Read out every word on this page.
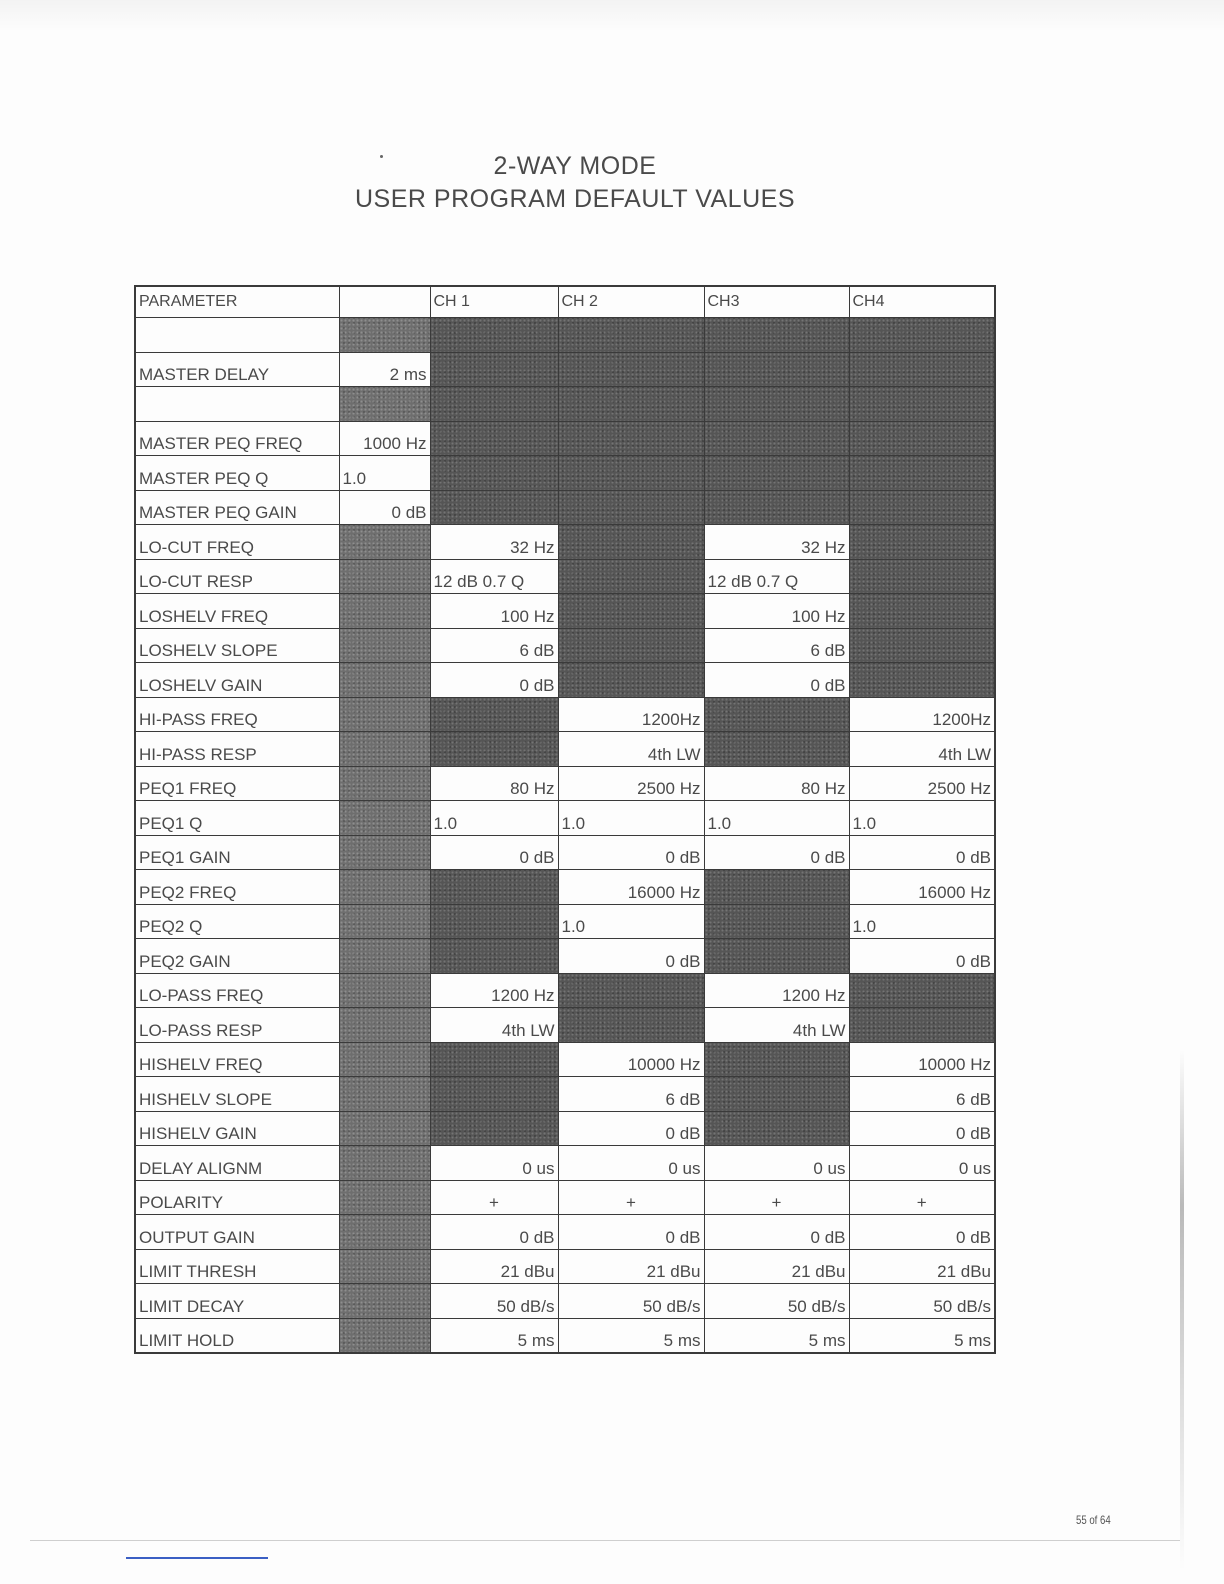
2-WAY MODE
USER PROGRAM DEFAULT VALUES
PARAMETER		CH 1	CH 2	CH3	CH4

MASTER DELAY	2 ms				

MASTER PEQ FREQ	1000 Hz				
MASTER PEQ Q	1.0				
MASTER PEQ GAIN	0 dB				
LO-CUT FREQ		32 Hz		32 Hz	
LO-CUT RESP		12 dB 0.7 Q		12 dB 0.7 Q	
LOSHELV FREQ		100 Hz		100 Hz	
LOSHELV SLOPE		6 dB		6 dB	
LOSHELV GAIN		0 dB		0 dB	
HI-PASS FREQ			1200Hz		1200Hz
HI-PASS RESP			4th LW		4th LW
PEQ1 FREQ		80 Hz	2500 Hz	80 Hz	2500 Hz
PEQ1 Q		1.0	1.0	1.0	1.0
PEQ1 GAIN		0 dB	0 dB	0 dB	0 dB
PEQ2 FREQ			16000 Hz		16000 Hz
PEQ2 Q			1.0		1.0
PEQ2 GAIN			0 dB		0 dB
LO-PASS FREQ		1200 Hz		1200 Hz	
LO-PASS RESP		4th LW		4th LW	
HISHELV FREQ			10000 Hz		10000 Hz
HISHELV SLOPE			6 dB		6 dB
HISHELV GAIN			0 dB		0 dB
DELAY ALIGNM		0 us	0 us	0 us	0 us
POLARITY		+	+	+	+
OUTPUT GAIN		0 dB	0 dB	0 dB	0 dB
LIMIT THRESH		21 dBu	21 dBu	21 dBu	21 dBu
LIMIT DECAY		50 dB/s	50 dB/s	50 dB/s	50 dB/s
LIMIT HOLD		5 ms	5 ms	5 ms	5 ms
55 of 64
